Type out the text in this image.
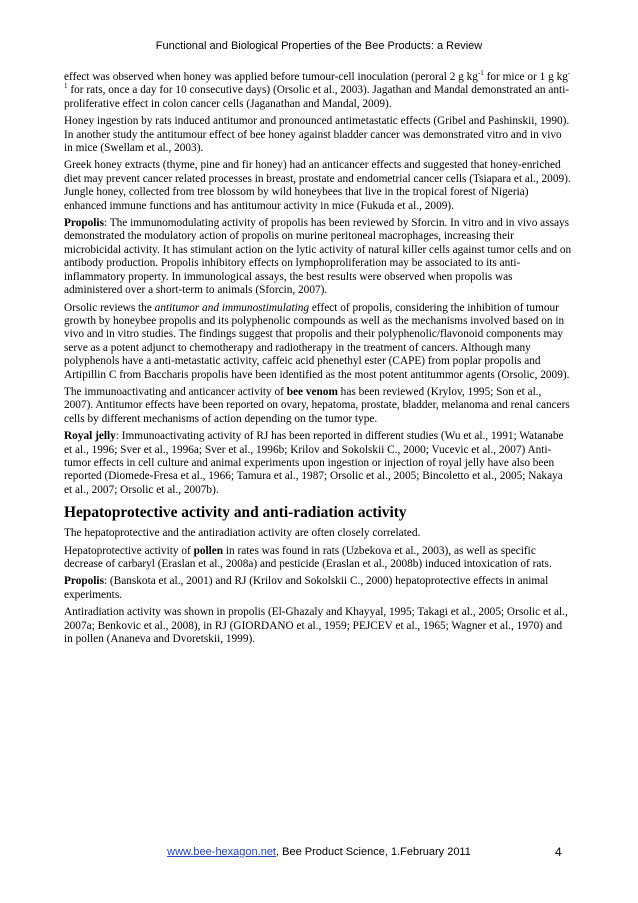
Functional and Biological Properties of the Bee Products: a Review

effect was observed when honey was applied before tumour-cell inoculation (peroral 2 g $kg^{-1}$ for mice or 1 g $kg^{-1}$ for rats, once a day for 10 consecutive days) (Orsolic et al., 2003). Jagathan and Mandal demonstrated an anti-proliferative effect in colon cancer cells (Jaganathan and Mandal, 2009).

Honey ingestion by rats induced antitumor and pronounced antimetastatic effects (Gribel and Pashinskii, 1990). In another study the antitumour effect of bee honey against bladder cancer was demonstrated vitro and in vivo in mice (Swellam et al., 2003).

Greek honey extracts (thyme, pine and fir honey) had an anticancer effects and suggested that honey-enriched diet may prevent cancer related processes in breast, prostate and endometrial cancer cells (Tsiapara et al., 2009). Jungle honey, collected from tree blossom by wild honeybees that live in the tropical forest of Nigeria) enhanced immune functions and has antitumour activity in mice (Fukuda et al., 2009).

Propolis: The immunomodulating activity of propolis has been reviewed by Sforcin. In vitro and in vivo assays demonstrated the modulatory action of propolis on murine peritoneal macrophages, increasing their microbicidal activity. It has stimulant action on the lytic activity of natural killer cells against tumor cells and on antibody production. Propolis inhibitory effects on lymphoproliferation may be associated to its anti-inflammatory property. In immunological assays, the best results were observed when propolis was administered over a short-term to animals (Sforcin, 2007).

Orsolic reviews the antitumor and immunostimulating effect of propolis, considering the inhibition of tumour growth by honeybee propolis and its polyphenolic compounds as well as the mechanisms involved based on in vivo and in vitro studies. The findings suggest that propolis and their polyphenolic/flavonoid components may serve as a potent adjunct to chemotherapy and radiotherapy in the treatment of cancers. Although many polyphenols have a anti-metastatic activity, caffeic acid phenethyl ester (CAPE) from poplar propolis and Artipillin C from Baccharis propolis have been identified as the most potent antitummor agents (Orsolic, 2009).

The immunoactivating and anticancer activity of bee venom has been reviewed (Krylov, 1995; Son et al., 2007). Antitumor effects have been reported on ovary, hepatoma, prostate, bladder, melanoma and renal cancers cells by different mechanisms of action depending on the tumor type.

Royal jelly: Immunoactivating activity of RJ has been reported in different studies (Wu et al., 1991; Watanabe et al., 1996; Sver et al., 1996a; Sver et al., 1996b; Krilov and Sokolskii C., 2000; Vucevic et al., 2007) Anti-tumor effects in cell culture and animal experiments upon ingestion or injection of royal jelly have also been reported (Diomede-Fresa et al., 1966; Tamura et al., 1987; Orsolic et al., 2005; Bincoletto et al., 2005; Nakaya et al., 2007; Orsolic et al., 2007b).

Hepatoprotective activity and anti-radiation activity

The hepatoprotective and the antiradiation activity are often closely correlated.

Hepatoprotective activity of pollen in rates was found in rats (Uzbekova et al., 2003), as well as specific decrease of carbaryl (Eraslan et al., 2008a) and pesticide (Eraslan et al., 2008b) induced intoxication of rats.

Propolis: (Banskota et al., 2001) and RJ (Krilov and Sokolskii C., 2000) hepatoprotective effects in animal experiments.

Antiradiation activity was shown in propolis (El-Ghazaly and Khayyal, 1995; Takagi et al., 2005; Orsolic et al., 2007a; Benkovic et al., 2008), in RJ (GIORDANO et al., 1959; PEJCEV et al., 1965; Wagner et al., 1970) and in pollen (Ananeva and Dvoretskii, 1999).

www.bee-hexagon.net, Bee Product Science, 1.February 2011	4
